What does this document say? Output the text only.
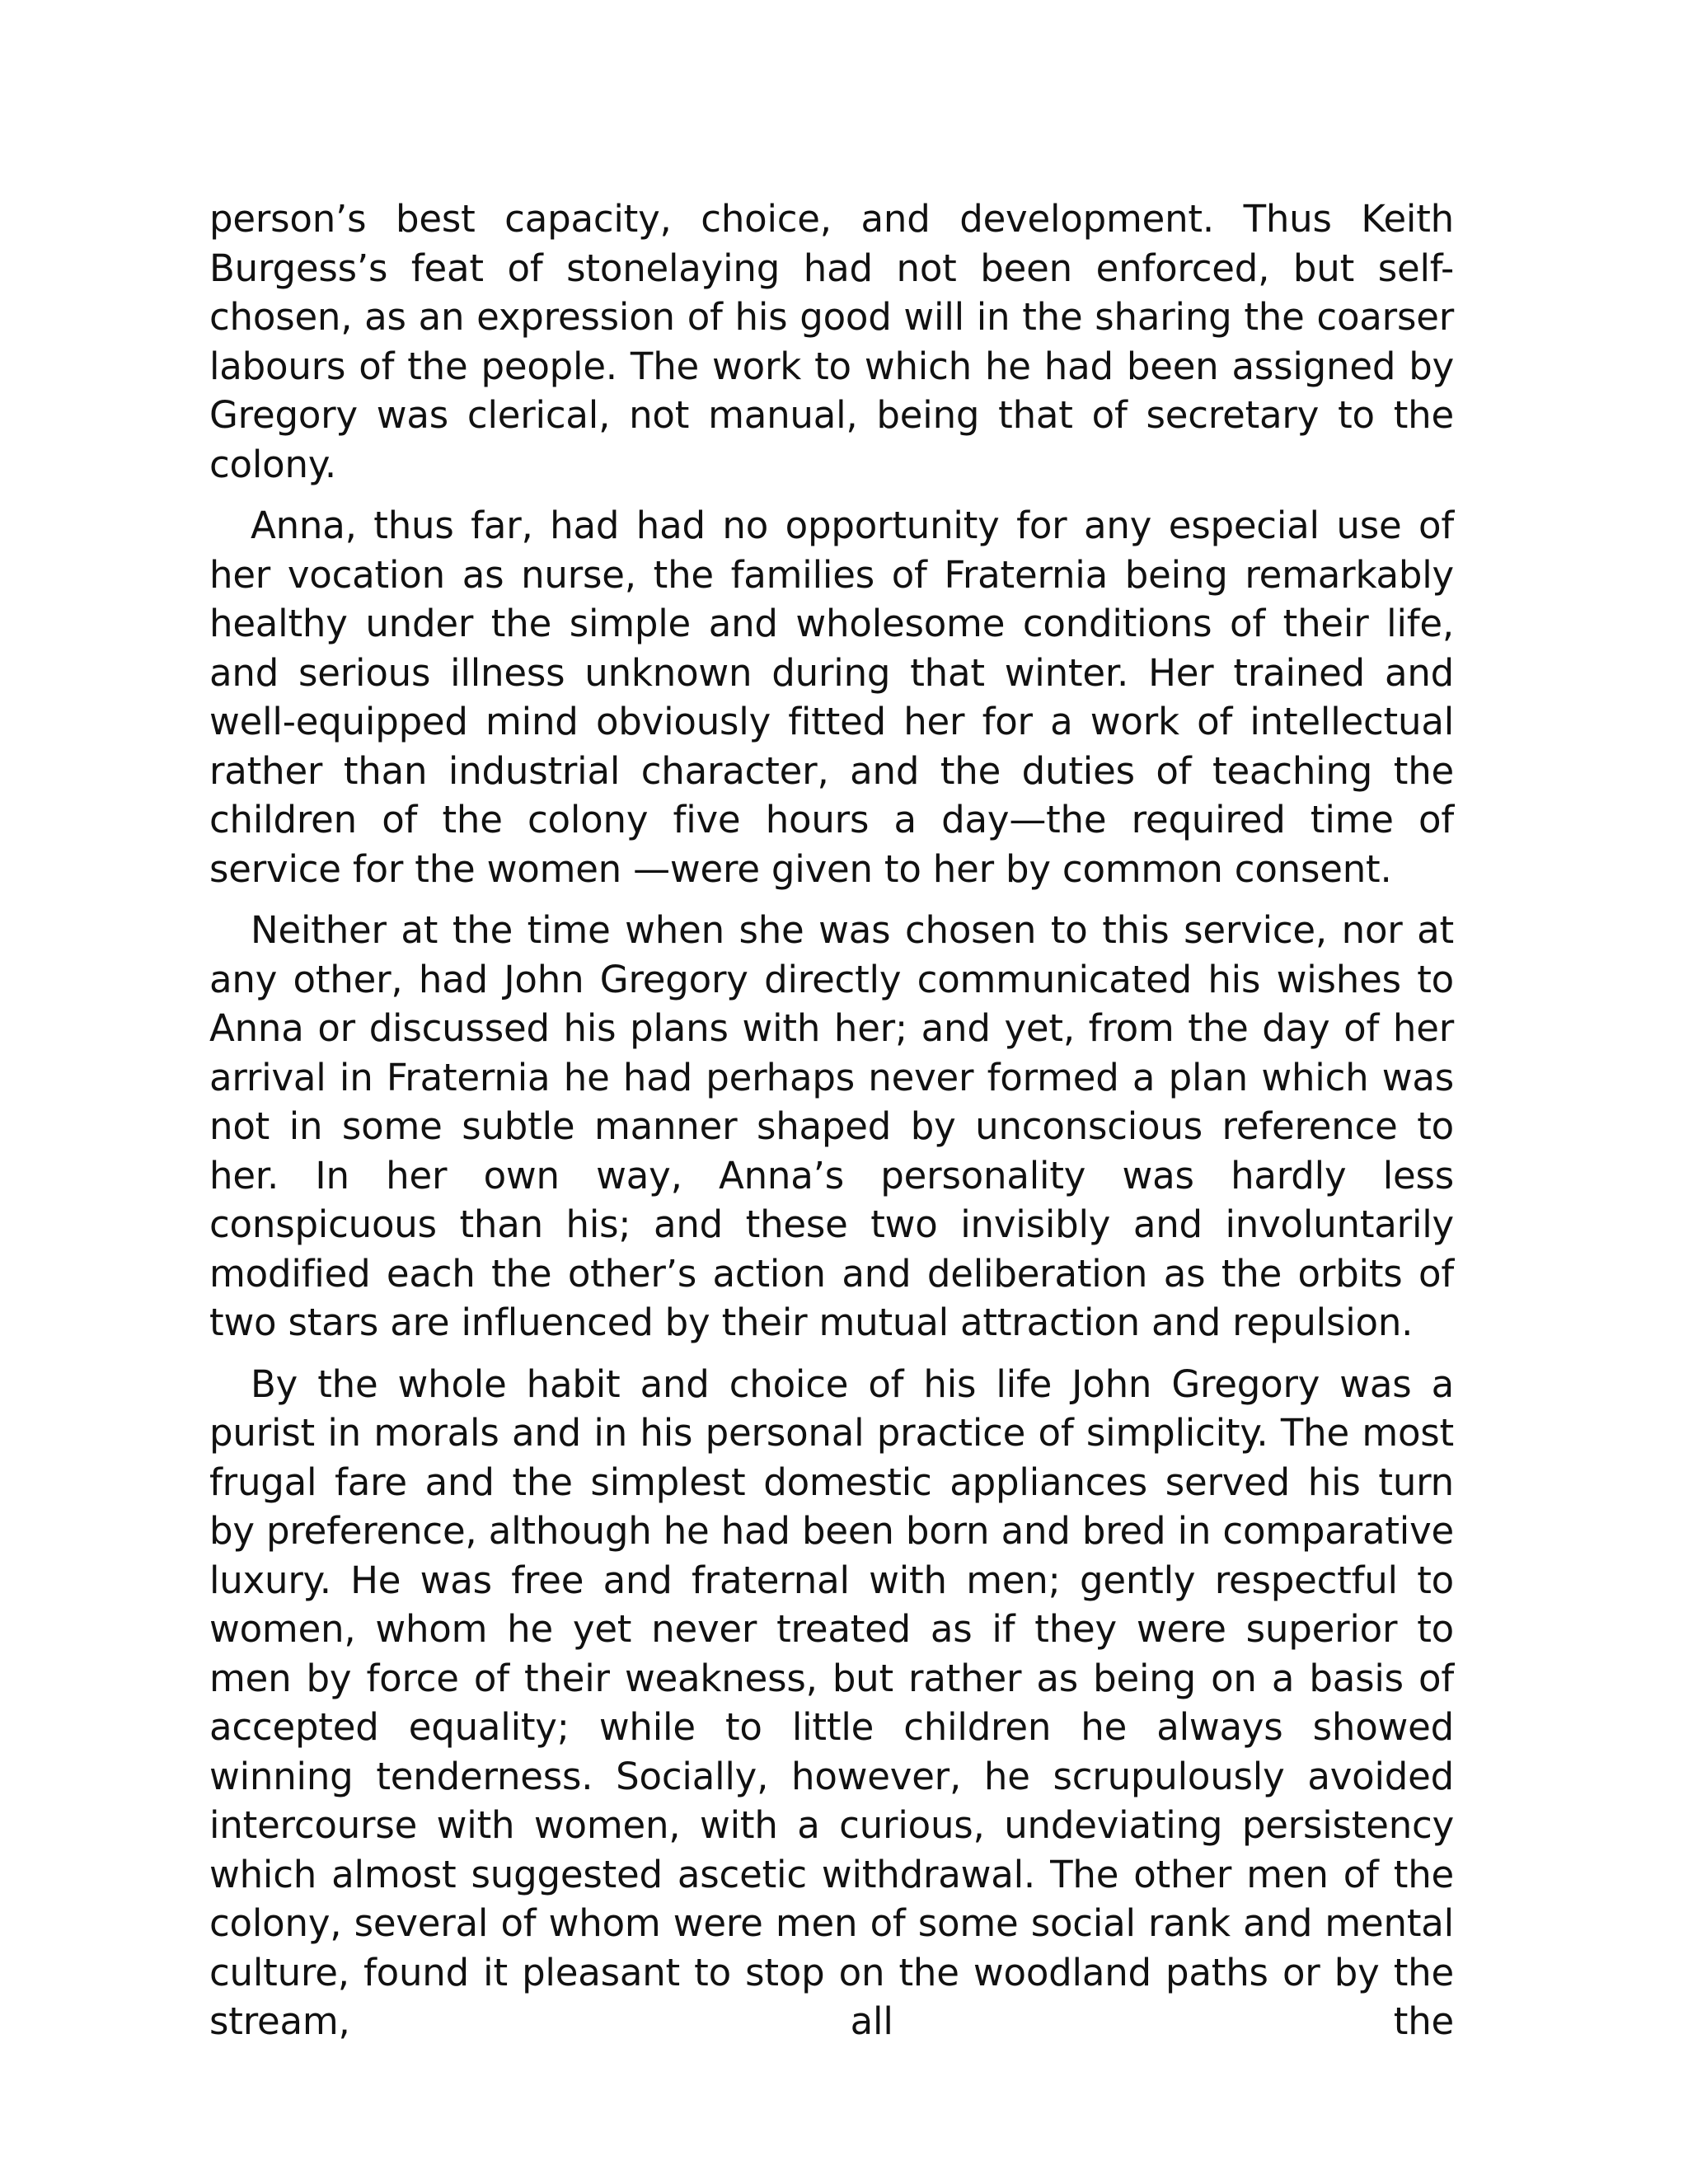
person’s best capacity, choice, and development. Thus Keith Burgess’s feat of stonelaying had not been enforced, but self-chosen, as an expression of his good will in the sharing the coarser labours of the people. The work to which he had been assigned by Gregory was clerical, not manual, being that of secretary to the colony.

Anna, thus far, had had no opportunity for any especial use of her vocation as nurse, the families of Fraternia being remarkably healthy under the simple and wholesome conditions of their life, and serious illness unknown during that winter. Her trained and well-equipped mind obviously fitted her for a work of intellectual rather than industrial character, and the duties of teaching the children of the colony five hours a day—the required time of service for the women —were given to her by common consent.

Neither at the time when she was chosen to this service, nor at any other, had John Gregory directly communicated his wishes to Anna or discussed his plans with her; and yet, from the day of her arrival in Fraternia he had perhaps never formed a plan which was not in some subtle manner shaped by unconscious reference to her. In her own way, Anna’s personality was hardly less conspicuous than his; and these two invisibly and involuntarily modified each the other’s action and deliberation as the orbits of two stars are influenced by their mutual attraction and repulsion.

By the whole habit and choice of his life John Gregory was a purist in morals and in his personal practice of simplicity. The most frugal fare and the simplest domestic appliances served his turn by preference, although he had been born and bred in comparative luxury. He was free and fraternal with men; gently respectful to women, whom he yet never treated as if they were superior to men by force of their weakness, but rather as being on a basis of accepted equality; while to little children he always showed winning tenderness. Socially, however, he scrupulously avoided intercourse with women, with a curious, undeviating persistency which almost suggested ascetic withdrawal. The other men of the colony, several of whom were men of some social rank and mental culture, found it pleasant to stop on the woodland paths or by the stream, all the
